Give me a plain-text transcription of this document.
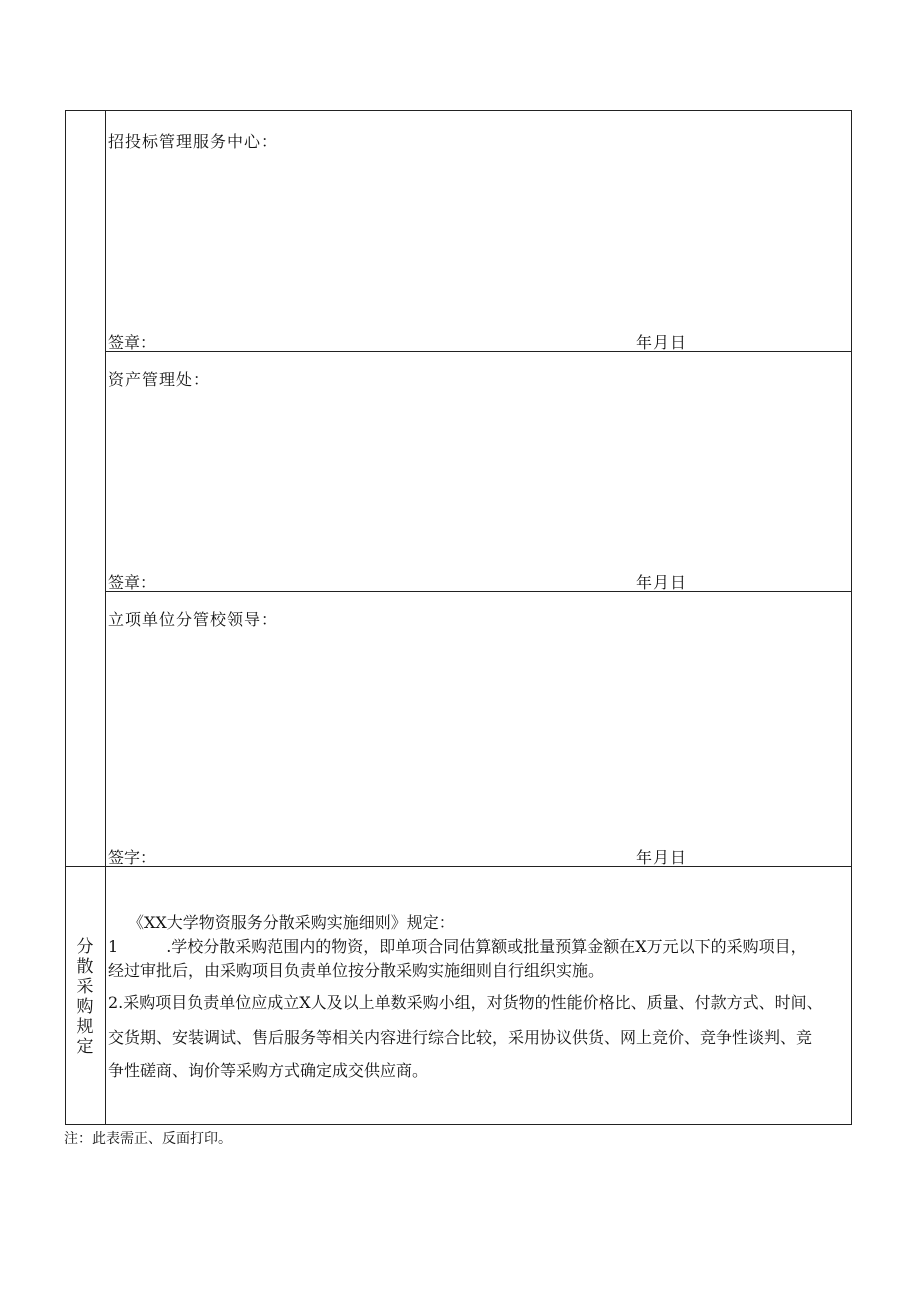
招投标管理服务中心：
签章：	年月日
资产管理处：
签章：	年月日
立项单位分管校领导：
签字：	年月日
分
散
采
购
规
定
《XX大学物资服务分散采购实施细则》规定：
1	.学校分散采购范围内的物资，即单项合同估算额或批量预算金额在X万元以下的采购项目，
经过审批后，由采购项目负责单位按分散采购实施细则自行组织实施。
2.采购项目负责单位应成立X人及以上单数采购小组，对货物的性能价格比、质量、付款方式、时间、
交货期、安装调试、售后服务等相关内容进行综合比较，采用协议供货、网上竞价、竞争性谈判、竞
争性磋商、询价等采购方式确定成交供应商。
注：此表需正、反面打印。
